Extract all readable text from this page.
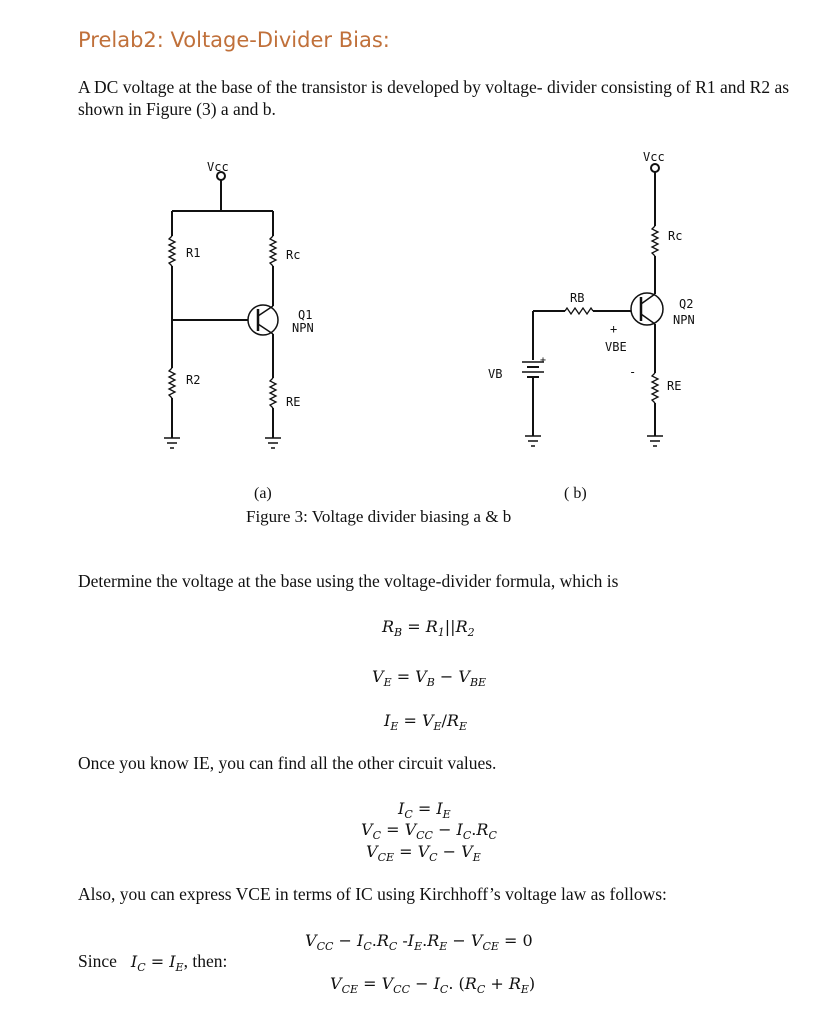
Prelab2: Voltage-Divider Bias:
A DC voltage at the base of the transistor is developed by voltage- divider consisting of R1 and R2 as shown in Figure (3) a and b.
Vcc
R1	Rc
Q1
NPN
R2
RE
Vcc
Rc
RB	Q2
NPN
+
VBE
-
VB
+
RE
(a)	( b)
Figure 3: Voltage divider biasing a & b
Determine the voltage at the base using the voltage-divider formula, which is
$R_B = R_1||R_2$
$V_E = V_B - V_{BE}$
$I_E = V_E/R_E$
Once you know IE, you can find all the other circuit values.
$I_C = I_E$
$V_C = V_{CC} - I_C.R_C$
$V_{CE} = V_C - V_E$
Also, you can express VCE in terms of IC using Kirchhoff’s voltage law as follows:
$V_{CC} - I_C.R_C$ $-I_E.R_E - V_{CE} = 0$
Since $I_C = I_E$, then:
$V_{CE} = V_{CC} - I_C$. $(R_C + R_E)$
